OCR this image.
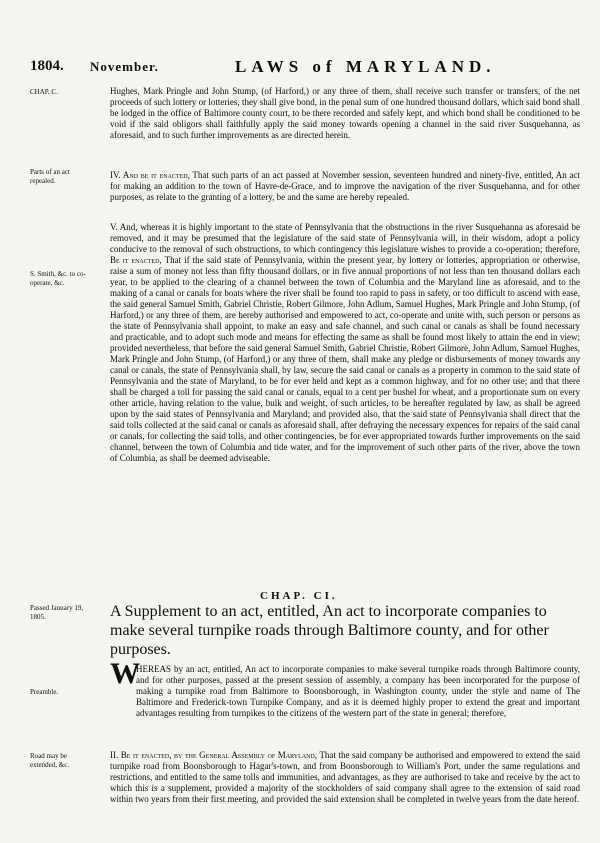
1804. November.	LAWS of MARYLAND.
CHAP. C.
Parts of an act repealed.
S. Smith, &c. to co-operate, &c.
Passed January 19, 1805.
Preamble.
Road may be extended, &c.

Hughes, Mark Pringle and John Stump, (of Harford,) or any three of them, shall receive such transfer or transfers, of the net proceeds of such lottery or lotteries, they shall give bond, in the penal sum of one hundred thousand dollars, which said bond shall be lodged in the office of Baltimore county court, to be there recorded and safely kept, and which bond shall be conditioned to be void if the said obligors shall faithfully apply the said money towards opening a channel in the said river Susquehanna, as aforesaid, and to such further improvements as are directed herein.

IV. And be it enacted, That such parts of an act passed at November session, seventeen hundred and ninety-five, entitled, An act for making an addition to the town of Havre-de-Grace, and to improve the navigation of the river Susquehanna, and for other purposes, as relate to the granting of a lottery, be and the same are hereby repealed.

V. And, whereas it is highly important to the state of Pennsylvania that the obstructions in the river Susquehanna as aforesaid be removed, and it may be presumed that the legislature of the said state of Pennsylvania will, in their wisdom, adopt a policy conducive to the removal of such obstructions, to which contingency this legislature wishes to provide a co-operation; therefore, Be it enacted, That if the said state of Pennsylvania, within the present year, by lottery or lotteries, appropriation or otherwise, raise a sum of money not less than fifty thousand dollars, or in five annual proportions of not less than ten thousand dollars each year, to be applied to the clearing of a channel between the town of Columbia and the Maryland line as aforesaid, and to the making of a canal or canals for boats where the river shall be found too rapid to pass in safety, or too difficult to ascend with ease, the said general Samuel Smith, Gabriel Christie, Robert Gilmore, John Adlum, Samuel Hughes, Mark Pringle and John Stump, (of Harford,) or any three of them, are hereby authorised and empowered to act, co-operate and unite with, such person or persons as the state of Pennsylvania shall appoint, to make an easy and safe channel, and such canal or canals as shall be found necessary and practicable, and to adopt such mode and means for effecting the same as shall be found most likely to attain the end in view; provided nevertheless, that before the said general Samuel Smith, Gabriel Christie, Robert Gilmore, John Adlum, Samuel Hughes, Mark Pringle and John Stump, (of Harford,) or any three of them, shall make any pledge or disbursements of money towards any canal or canals, the state of Pennsylvania shall, by law, secure the said canal or canals as a property in common to the said state of Pennsylvania and the state of Maryland, to be for ever held and kept as a common highway, and for no other use; and that there shall be charged a toll for passing the said canal or canals, equal to a cent per bushel for wheat, and a proportionate sum on every other article, having relation to the value, bulk and weight, of such articles, to be hereafter regulated by law, as shall be agreed upon by the said states of Pennsylvania and Maryland; and provided also, that the said state of Pennsylvania shall direct that the said tolls collected at the said canal or canals as aforesaid shall, after defraying the necessary expences for repairs of the said canal or canals, for collecting the said tolls, and other contingencies, be for ever appropriated towards further improvements on the said channel, between the town of Columbia and tide water, and for the improvement of such other parts of the river, above the town of Columbia, as shall be deemed adviseable.

CHAP. CI.
A Supplement to an act, entitled, An act to incorporate companies to make several turnpike roads through Baltimore county, and for other purposes.
W

HEREAS by an act, entitled, An act to incorporate companies to make several turnpike roads through Baltimore county, and for other purposes, passed at the present session of assembly, a company has been incorporated for the purpose of making a turnpike road from Baltimore to Boonsborough, in Washington county, under the style and name of The Baltimore and Frederick-town Turnpike Company, and as it is deemed highly proper to extend the great and important advantages resulting from turnpikes to the citizens of the western part of the state in general; therefore,

II. Be it enacted, by the General Assembly of Maryland, That the said company be authorised and empowered to extend the said turnpike road from Boonsborough to Hagar's-town, and from Boonsborough to William's Port, under the same regulations and restrictions, and entitled to the same tolls and immunities, and advantages, as they are authorised to take and receive by the act to which this is a supplement, provided a majority of the stockholders of said company shall agree to the extension of said road within two years from their first meeting, and provided the said extension shall be completed in twelve years from the date hereof.
